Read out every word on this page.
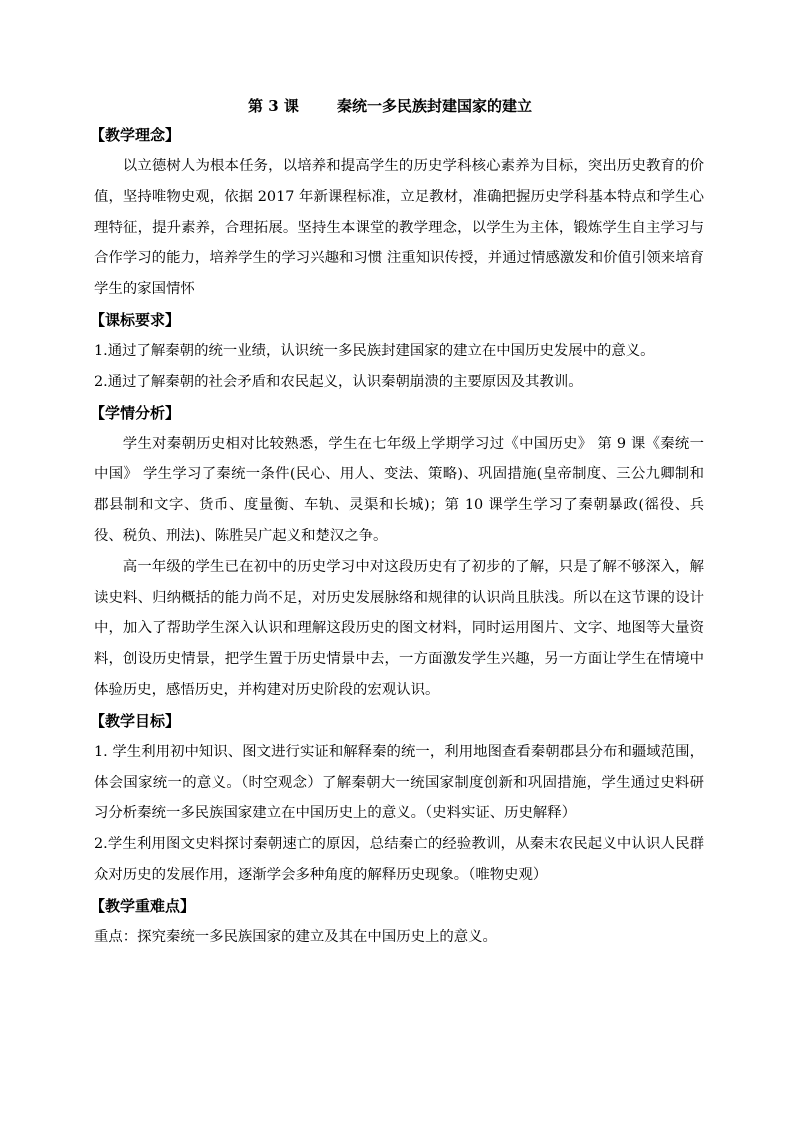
第 3 课	秦统一多民族封建国家的建立
【教学理念】

以立德树人为根本任务，以培养和提高学生的历史学科核心素养为目标，突出历史教育的价值，坚持唯物史观，依据 2017 年新课程标准，立足教材，准确把握历史学科基本特点和学生心理特征，提升素养，合理拓展。坚持生本课堂的教学理念，以学生为主体，锻炼学生自主学习与合作学习的能力，培养学生的学习兴趣和习惯 注重知识传授，并通过情感激发和价值引领来培育学生的家国情怀

【课标要求】

1.通过了解秦朝的统一业绩，认识统一多民族封建国家的建立在中国历史发展中的意义。

2.通过了解秦朝的社会矛盾和农民起义，认识秦朝崩溃的主要原因及其教训。

【学情分析】

学生对秦朝历史相对比较熟悉，学生在七年级上学期学习过《中国历史》 第 9 课《秦统一中国》 学生学习了秦统一条件(民心、用人、变法、策略)、巩固措施(皇帝制度、三公九卿制和郡县制和文字、货币、度量衡、车轨、灵渠和长城)；第 10 课学生学习了秦朝暴政(徭役、兵役、税负、刑法)、陈胜吴广起义和楚汉之争。

高一年级的学生已在初中的历史学习中对这段历史有了初步的了解，只是了解不够深入，解读史料、归纳概括的能力尚不足，对历史发展脉络和规律的认识尚且肤浅。所以在这节课的设计中，加入了帮助学生深入认识和理解这段历史的图文材料，同时运用图片、文字、地图等大量资料，创设历史情景，把学生置于历史情景中去，一方面激发学生兴趣，另一方面让学生在情境中体验历史，感悟历史，并构建对历史阶段的宏观认识。

【教学目标】

1. 学生利用初中知识、图文进行实证和解释秦的统一，利用地图查看秦朝郡县分布和疆域范围，体会国家统一的意义。（时空观念）了解秦朝大一统国家制度创新和巩固措施，学生通过史料研习分析秦统一多民族国家建立在中国历史上的意义。（史料实证、历史解释）

2.学生利用图文史料探讨秦朝速亡的原因，总结秦亡的经验教训，从秦末农民起义中认识人民群众对历史的发展作用，逐渐学会多种角度的解释历史现象。（唯物史观）

【教学重难点】

重点：探究秦统一多民族国家的建立及其在中国历史上的意义。
